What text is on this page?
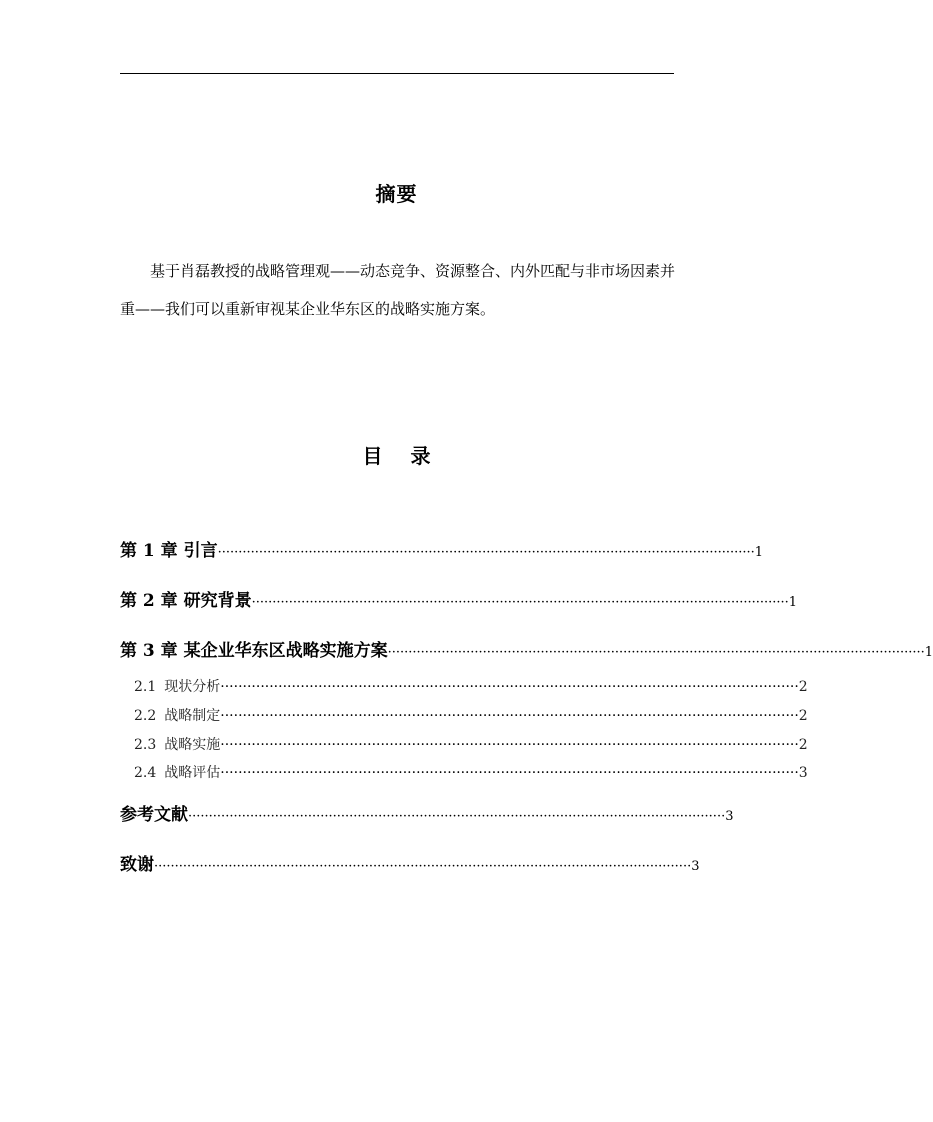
摘要
基于肖磊教授的战略管理观——动态竞争、资源整合、内外匹配与非市场因素并重——我们可以重新审视某企业华东区的战略实施方案。
目录
第 1 章 引言 ·································································································································· 1
第 2 章 研究背景 ·································································································································· 1
第 3 章 某企业华东区战略实施方案 ·································································································································· 1
2.1 现状分析 ·································································································································· 2
2.2 战略制定 ·································································································································· 2
2.3 战略实施 ·································································································································· 2
2.4 战略评估 ·································································································································· 3
参考文献 ·································································································································· 3
致谢 ·································································································································· 3
